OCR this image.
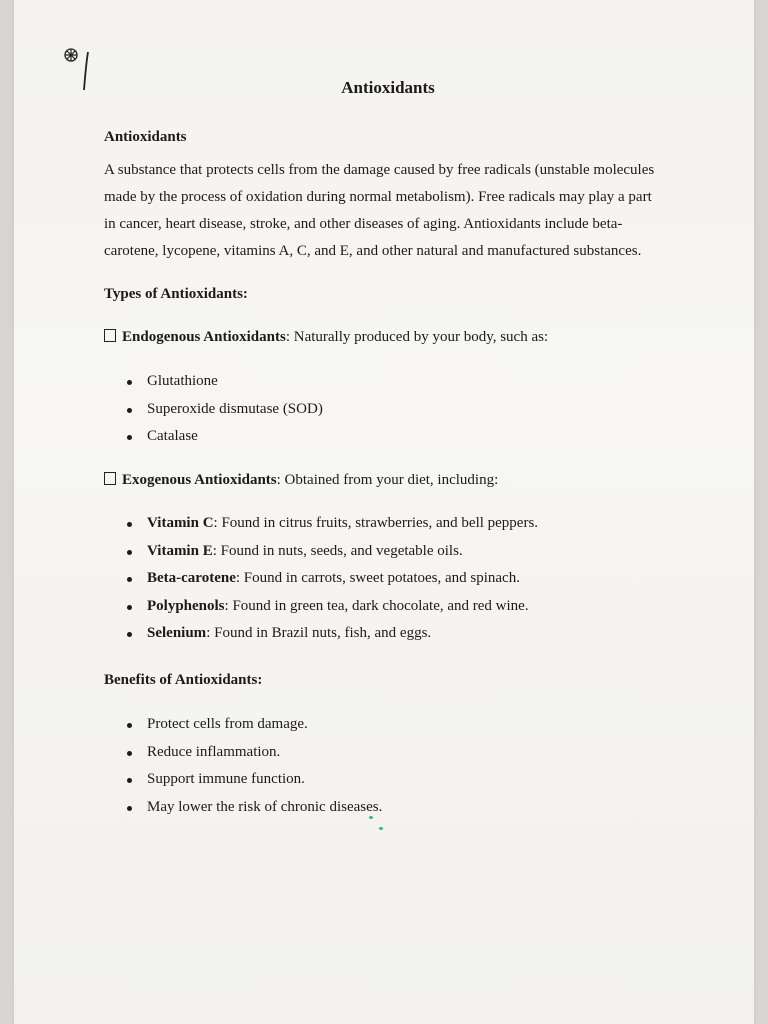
Antioxidants
Antioxidants
A substance that protects cells from the damage caused by free radicals (unstable molecules
made by the process of oxidation during normal metabolism). Free radicals may play a part
in cancer, heart disease, stroke, and other diseases of aging. Antioxidants include beta-
carotene, lycopene, vitamins A, C, and E, and other natural and manufactured substances.
Types of Antioxidants:
Endogenous Antioxidants: Naturally produced by your body, such as:
Glutathione
Superoxide dismutase (SOD)
Catalase
Exogenous Antioxidants: Obtained from your diet, including:
Vitamin C: Found in citrus fruits, strawberries, and bell peppers.
Vitamin E: Found in nuts, seeds, and vegetable oils.
Beta-carotene: Found in carrots, sweet potatoes, and spinach.
Polyphenols: Found in green tea, dark chocolate, and red wine.
Selenium: Found in Brazil nuts, fish, and eggs.
Benefits of Antioxidants:
Protect cells from damage.
Reduce inflammation.
Support immune function.
May lower the risk of chronic diseases.
